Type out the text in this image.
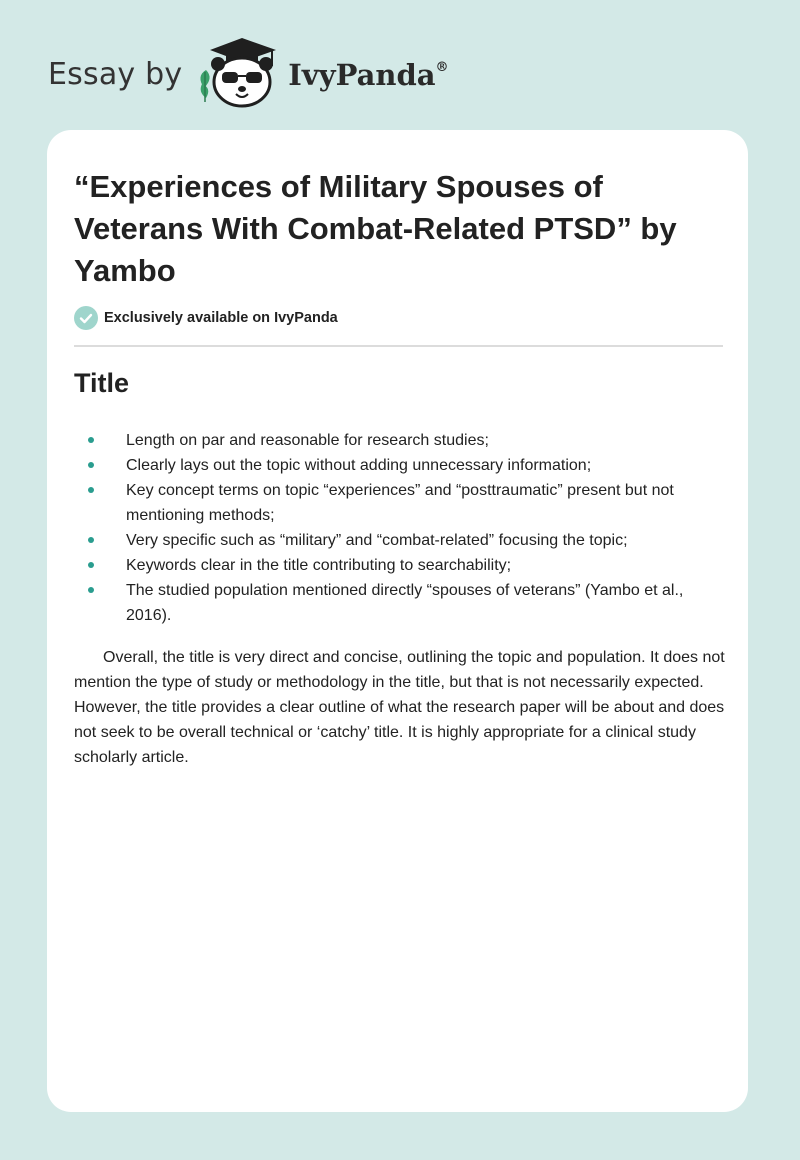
Essay by	IvyPanda®
“Experiences of Military Spouses of Veterans With Combat-Related PTSD” by Yambo
Exclusively available on IvyPanda
Title
Length on par and reasonable for research studies;
Clearly lays out the topic without adding unnecessary information;
Key concept terms on topic “experiences” and “posttraumatic” present but not mentioning methods;
Very specific such as “military” and “combat-related” focusing the topic;
Keywords clear in the title contributing to searchability;
The studied population mentioned directly “spouses of veterans” (Yambo et al., 2016).

Overall, the title is very direct and concise, outlining the topic and population. It does not mention the type of study or methodology in the title, but that is not necessarily expected. However, the title provides a clear outline of what the research paper will be about and does not seek to be overall technical or ‘catchy’ title. It is highly appropriate for a clinical study scholarly article.
